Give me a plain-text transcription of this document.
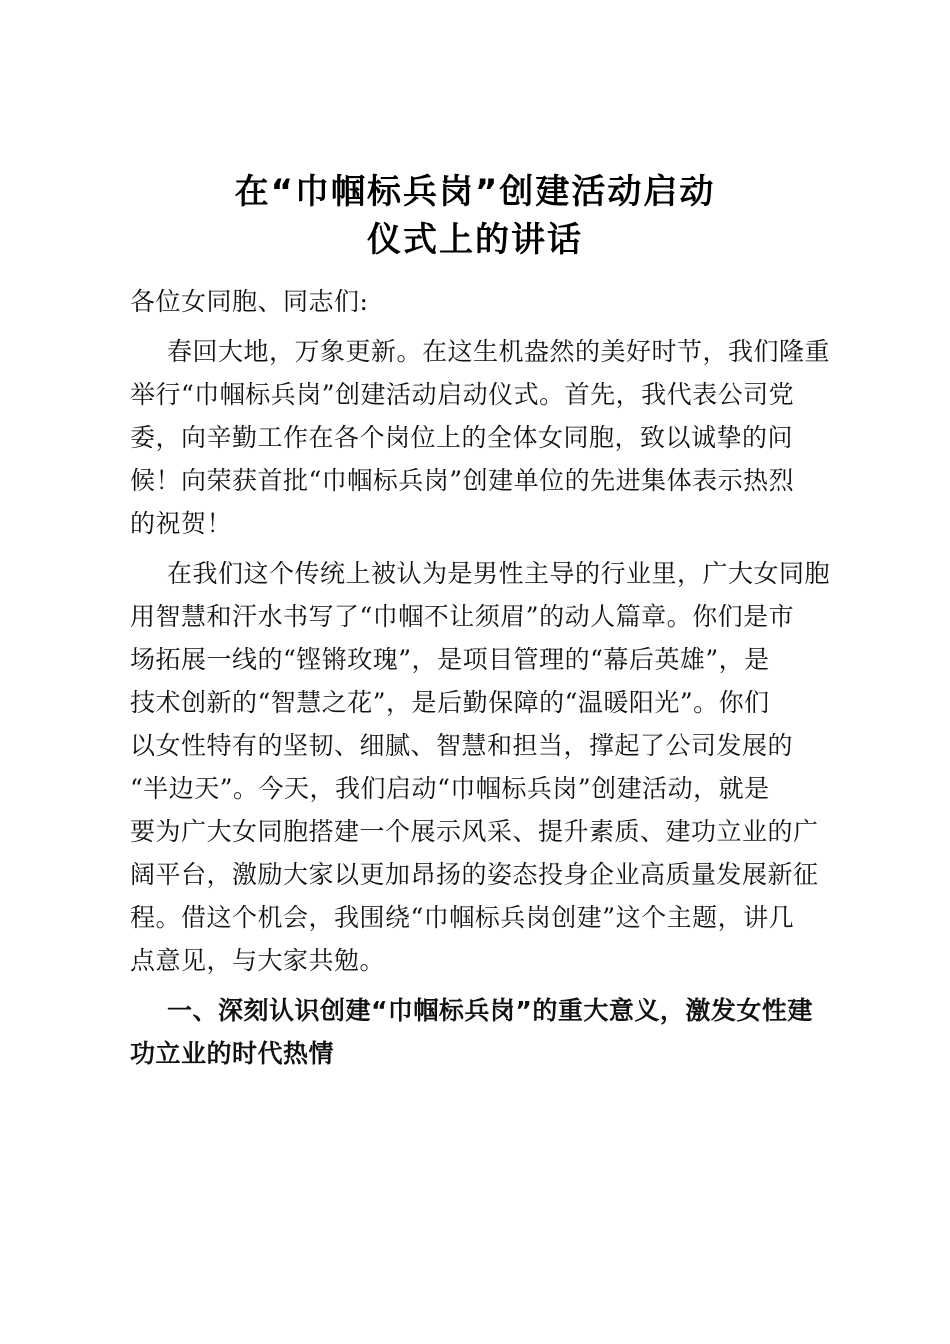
在“巾帼标兵岗”创建活动启动
仪式上的讲话
各位女同胞、同志们:
春回大地，万象更新。在这生机盎然的美好时节，我们隆重
举行“巾帼标兵岗”创建活动启动仪式。首先，我代表公司党
委，向辛勤工作在各个岗位上的全体女同胞，致以诚挚的问
候！向荣获首批“巾帼标兵岗”创建单位的先进集体表示热烈
的祝贺！
在我们这个传统上被认为是男性主导的行业里，广大女同胞
用智慧和汗水书写了“巾帼不让须眉”的动人篇章。你们是市
场拓展一线的“铿锵玫瑰”，是项目管理的“幕后英雄”，是
技术创新的“智慧之花”，是后勤保障的“温暖阳光”。你们
以女性特有的坚韧、细腻、智慧和担当，撑起了公司发展的
“半边天”。今天，我们启动“巾帼标兵岗”创建活动，就是
要为广大女同胞搭建一个展示风采、提升素质、建功立业的广
阔平台，激励大家以更加昂扬的姿态投身企业高质量发展新征
程。借这个机会，我围绕“巾帼标兵岗创建”这个主题，讲几
点意见，与大家共勉。
一、深刻认识创建“巾帼标兵岗”的重大意义，激发女性建
功立业的时代热情
